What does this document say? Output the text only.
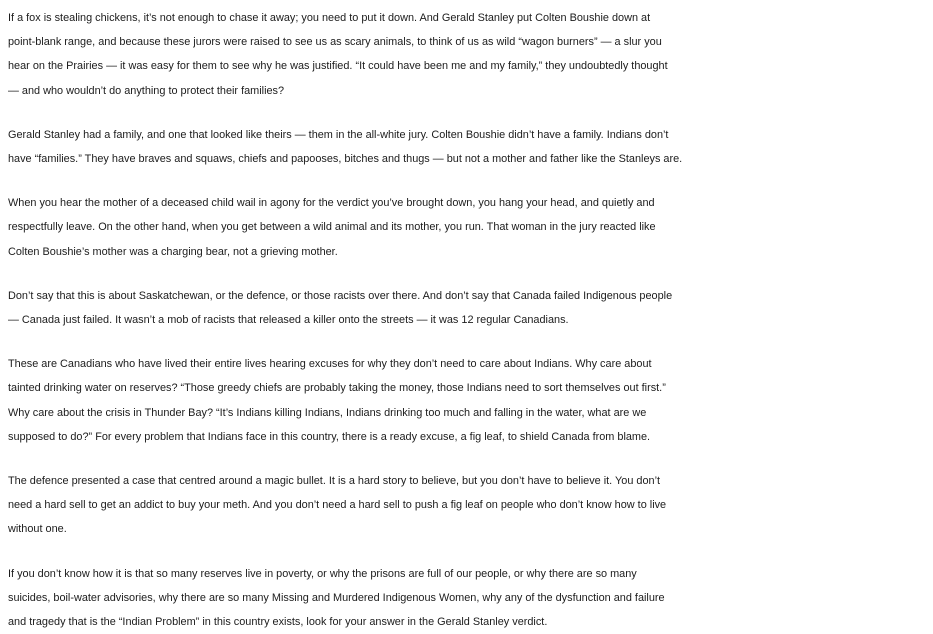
If a fox is stealing chickens, it’s not enough to chase it away; you need to put it down. And Gerald Stanley put Colten Boushie down at
point-blank range, and because these jurors were raised to see us as scary animals, to think of us as wild “wagon burners” — a slur you
hear on the Prairies — it was easy for them to see why he was justified. “It could have been me and my family,” they undoubtedly thought
— and who wouldn’t do anything to protect their families?

Gerald Stanley had a family, and one that looked like theirs — them in the all-white jury. Colten Boushie didn’t have a family. Indians don’t
have “families.” They have braves and squaws, chiefs and papooses, bitches and thugs — but not a mother and father like the Stanleys are.

When you hear the mother of a deceased child wail in agony for the verdict you’ve brought down, you hang your head, and quietly and
respectfully leave. On the other hand, when you get between a wild animal and its mother, you run. That woman in the jury reacted like
Colten Boushie’s mother was a charging bear, not a grieving mother.

Don’t say that this is about Saskatchewan, or the defence, or those racists over there. And don’t say that Canada failed Indigenous people
— Canada just failed. It wasn’t a mob of racists that released a killer onto the streets — it was 12 regular Canadians.

These are Canadians who have lived their entire lives hearing excuses for why they don’t need to care about Indians. Why care about
tainted drinking water on reserves? “Those greedy chiefs are probably taking the money, those Indians need to sort themselves out first.”
Why care about the crisis in Thunder Bay? “It’s Indians killing Indians, Indians drinking too much and falling in the water, what are we
supposed to do?” For every problem that Indians face in this country, there is a ready excuse, a fig leaf, to shield Canada from blame.

The defence presented a case that centred around a magic bullet. It is a hard story to believe, but you don’t have to believe it. You don’t
need a hard sell to get an addict to buy your meth. And you don’t need a hard sell to push a fig leaf on people who don’t know how to live
without one.

If you don’t know how it is that so many reserves live in poverty, or why the prisons are full of our people, or why there are so many
suicides, boil-water advisories, why there are so many Missing and Murdered Indigenous Women, why any of the dysfunction and failure
and tragedy that is the “Indian Problem” in this country exists, look for your answer in the Gerald Stanley verdict.
